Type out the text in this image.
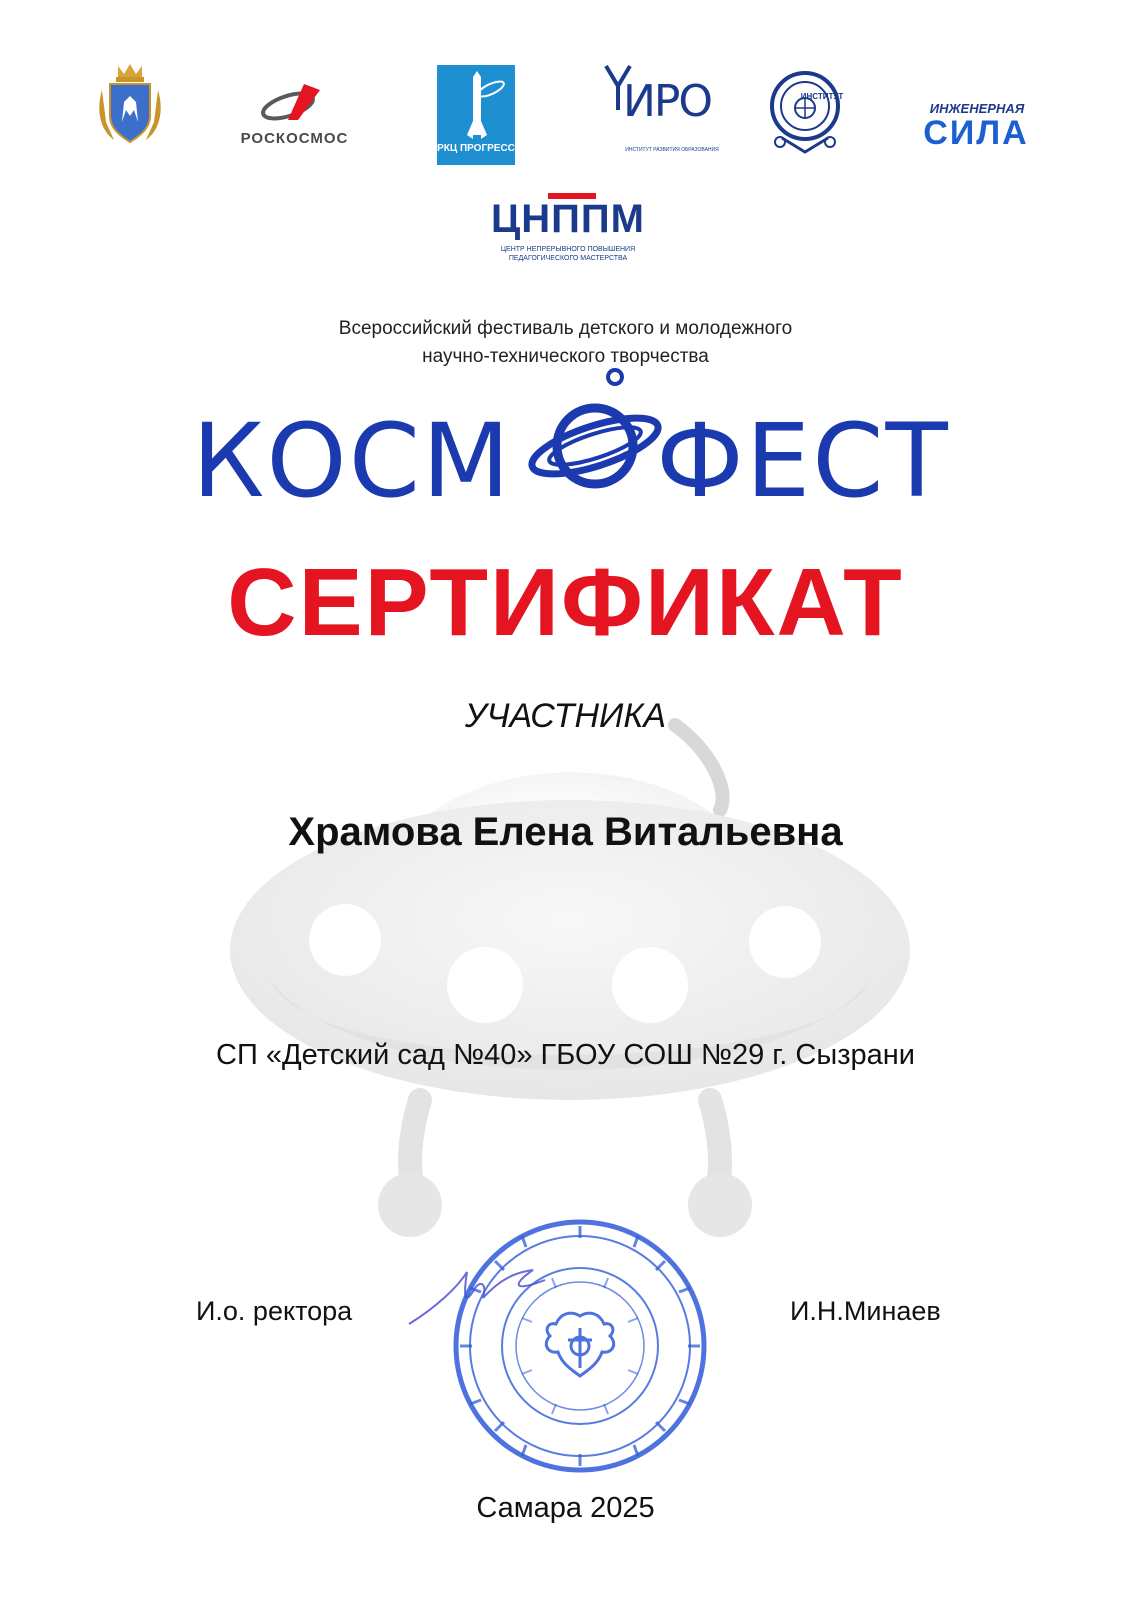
РОСКОСМОС
РКЦ ПРОГРЕСС
ИРО
ИНСТИТУТ РАЗВИТИЯ ОБРАЗОВАНИЯ
ИНСТИТУТ
ИНЖЕНЕРНАЯ
СИЛА
ЦНППМ
ЦЕНТР НЕПРЕРЫВНОГО ПОВЫШЕНИЯ
ПЕДАГОГИЧЕСКОГО МАСТЕРСТВА
Всероссийский фестиваль детского и молодежного
научно-технического творчества
КОСМ ФЕСТ
СЕРТИФИКАТ
УЧАСТНИКА
Храмова Елена Витальевна
СП «Детский сад №40» ГБОУ СОШ №29 г. Сызрани
И.о. ректора	И.Н.Минаев
Самара 2025
